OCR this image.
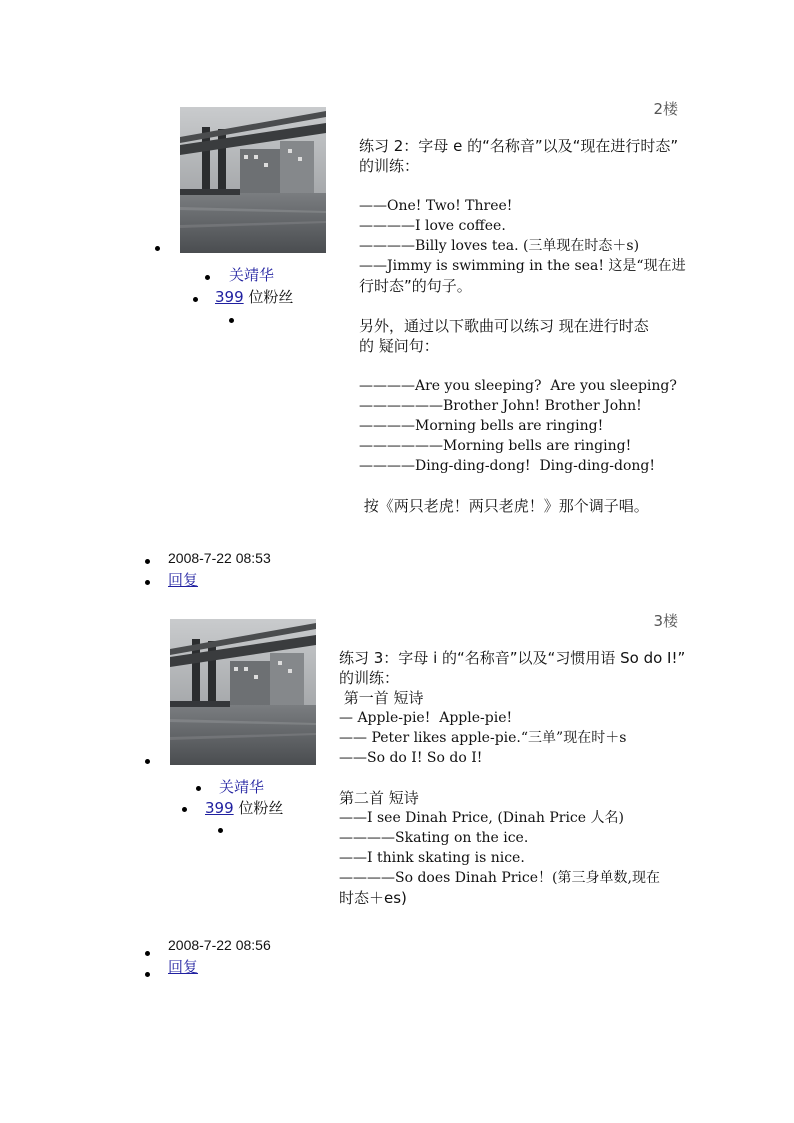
2楼
关靖华
399 位粉丝
练习 2：字母 e 的“名称音”以及“现在进行时态”
的训练：
——One! Two! Three!
————I love coffee.
————Billy loves tea. (三单现在时态＋s)
——Jimmy is swimming in the sea! 这是“现在进
行时态”的句子。
另外，通过以下歌曲可以练习 现在进行时态
的 疑问句：
————Are you sleeping?  Are you sleeping?
——————Brother John! Brother John!
————Morning bells are ringing!
——————Morning bells are ringing!
————Ding-ding-dong!  Ding-ding-dong!
按《两只老虎！两只老虎！》那个调子唱。
2008-7-22 08:53
回复
3楼
关靖华
399 位粉丝
练习 3：字母 i 的“名称音”以及“习惯用语 So do I!”
的训练：
第一首 短诗
— Apple-pie!  Apple-pie!
—— Peter likes apple-pie.“三单”现在时＋s
——So do I! So do I!
第二首 短诗
——I see Dinah Price, (Dinah Price 人名)
————Skating on the ice.
——I think skating is nice.
————So does Dinah Price！(第三身单数,现在
时态＋es)
2008-7-22 08:56
回复
